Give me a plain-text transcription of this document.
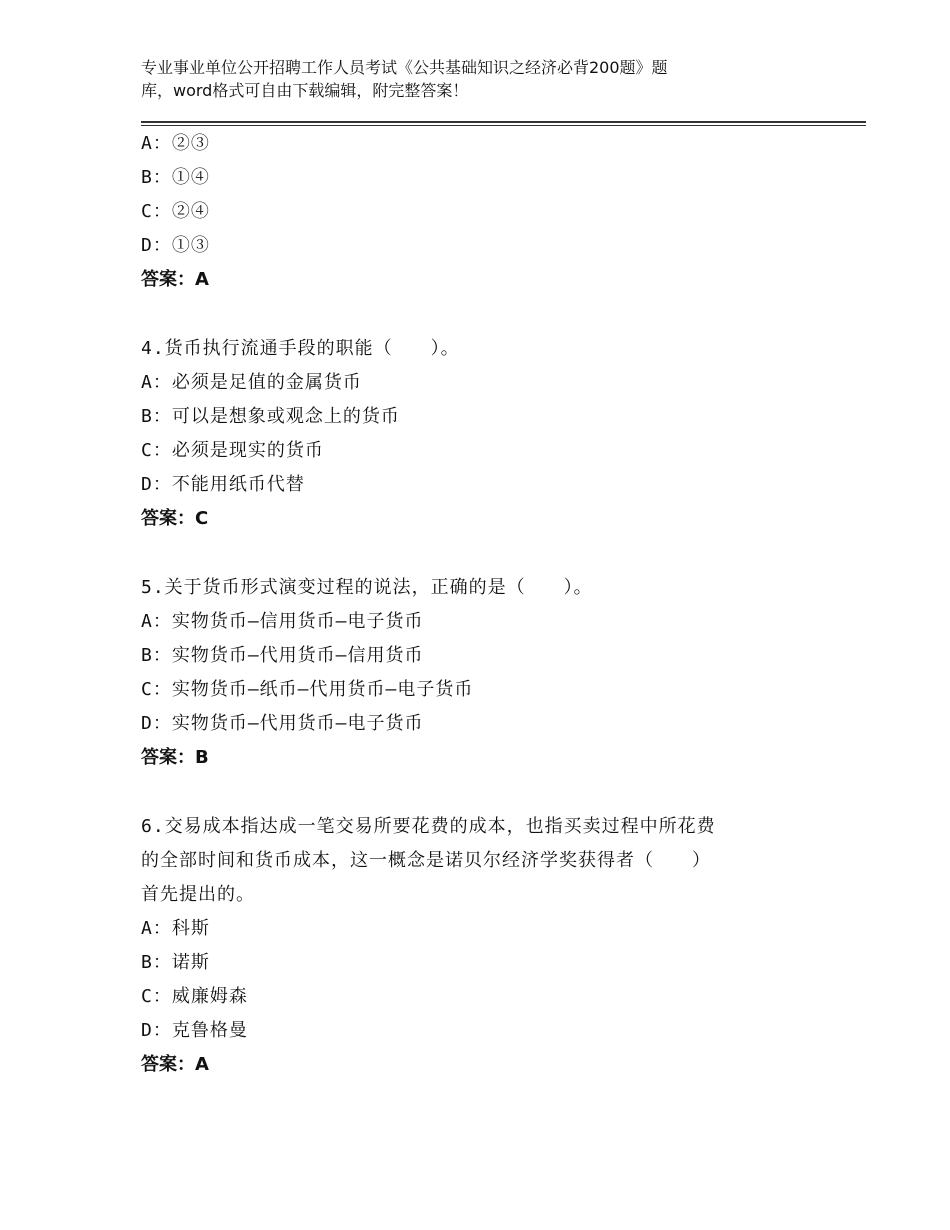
专业事业单位公开招聘工作人员考试《公共基础知识之经济必背200题》题
库，word格式可自由下载编辑，附完整答案！
A：②③
B：①④
C：②④
D：①③
答案：A
4.货币执行流通手段的职能（　　）。
A：必须是足值的金属货币
B：可以是想象或观念上的货币
C：必须是现实的货币
D：不能用纸币代替
答案：C
5.关于货币形式演变过程的说法，正确的是（　　）。
A：实物货币—信用货币—电子货币
B：实物货币—代用货币—信用货币
C：实物货币—纸币—代用货币—电子货币
D：实物货币—代用货币—电子货币
答案：B
6.交易成本指达成一笔交易所要花费的成本，也指买卖过程中所花费
的全部时间和货币成本，这一概念是诺贝尔经济学奖获得者（　　）
首先提出的。
A：科斯
B：诺斯
C：威廉姆森
D：克鲁格曼
答案：A
